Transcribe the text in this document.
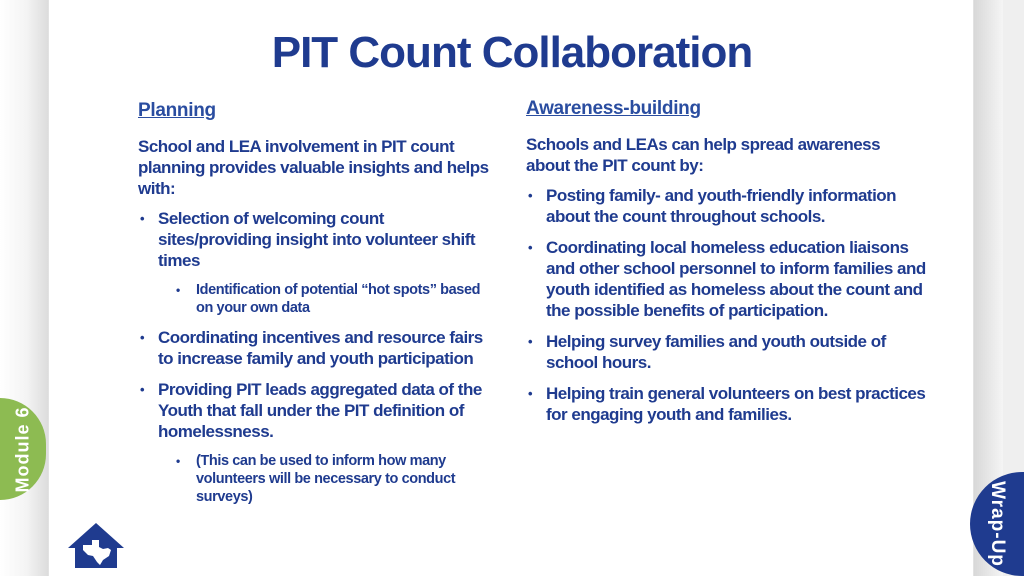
PIT Count Collaboration
Planning

School and LEA involvement in PIT count planning provides valuable insights and helps with:

• Selection of welcoming count sites/providing insight into volunteer shift times
• Identification of potential “hot spots” based on your own data
• Coordinating incentives and resource fairs to increase family and youth participation
• Providing PIT leads aggregated data of the Youth that fall under the PIT definition of homelessness.
• (This can be used to inform how many volunteers will be necessary to conduct surveys)
Awareness-building

Schools and LEAs can help spread awareness about the PIT count by:

• Posting family- and youth-friendly information about the count throughout schools.
• Coordinating local homeless education liaisons and other school personnel to inform families and youth identified as homeless about the count and the possible benefits of participation.
• Helping survey families and youth outside of school hours.
• Helping train general volunteers on best practices for engaging youth and families.
Module 6
Wrap-Up
